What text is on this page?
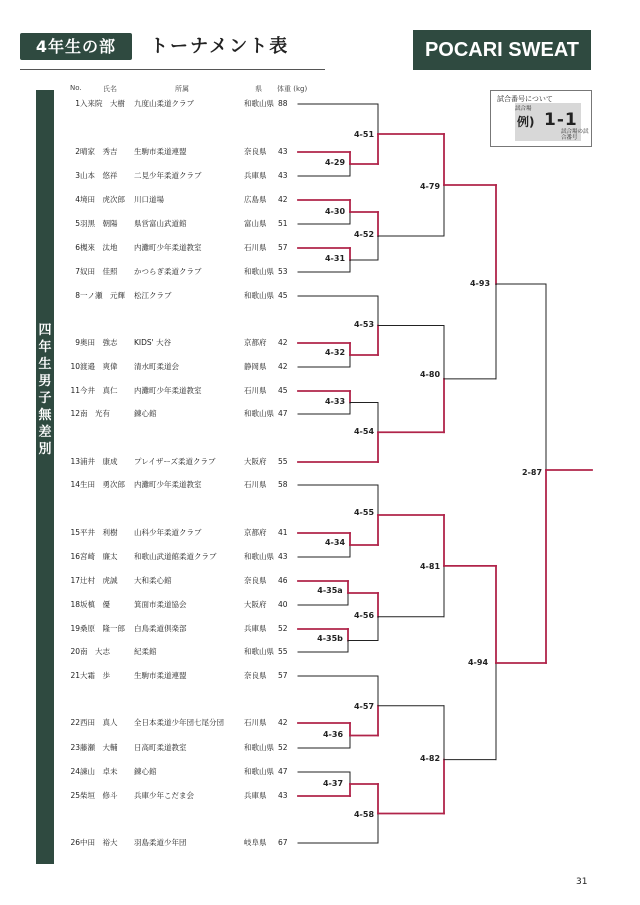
4年生の部	トーナメント表	POCARI SWEAT
No.	氏名	所属	県 体重 (kg)
四年生男子無差別
1 入来院　大樹 九度山柔道クラブ	和歌山県 88
2 晴家　秀吉 生駒市柔道連盟	奈良県 43
3 山本　悠祥 二見少年柔道クラブ	兵庫県 43
4 境田　虎次郎 川口道場	広島県 42
5 羽黒　朝陽 県営富山武道館	富山県 51
6 槻來　汰地 内灘町少年柔道教室	石川県 57
7 奴田　佳照 かつらぎ柔道クラブ	和歌山県 53
8 一ノ瀬　元輝 松江クラブ	和歌山県 45
9 奥田　強志 KIDS' 大谷	京都府 42
10 渡邉　爽偉 清水町柔道会	静岡県 42
11 今井　真仁 内灘町少年柔道教室	石川県 45
12 南　光有	錬心館	和歌山県 47
13 浦井　康成 プレイザーズ柔道クラブ	大阪府 55
14 生田　勇次郎 内灘町少年柔道教室	石川県 58
15 平井　利樹 山科少年柔道クラブ	京都府 41
16 宮崎　廉太 和歌山武道館柔道クラブ	和歌山県 43
17 辻村　虎誠 大和柔心館	奈良県 46
18 坂槙　優	箕面市柔道協会	大阪府 40
19 桑原　隆一郎 白鳥柔道倶楽部	兵庫県 52
20 南　大志	紀柔館	和歌山県 55
21 大霜　歩	生駒市柔道連盟	奈良県 57
22 西田　真人 全日本柔道少年団七尾分団	石川県 42
23 藤瀬　大輔 日高町柔道教室	和歌山県 52
24 諫山　卓未 錬心館	和歌山県 47
25 柴垣　修斗 兵庫少年こだま会	兵庫県 43
26 中田　裕大 羽島柔道少年団	岐阜県 67
試合番号について
試合場
例) 1-1
試合場の試合番号
4-29
4-30
4-31
4-32
4-33
4-34
4-35a
4-35b
4-36
4-37
4-51
4-52
4-53
4-54
4-55
4-56
4-57
4-58
4-79
4-80
4-81
4-82
4-93
4-94
2-87
31
